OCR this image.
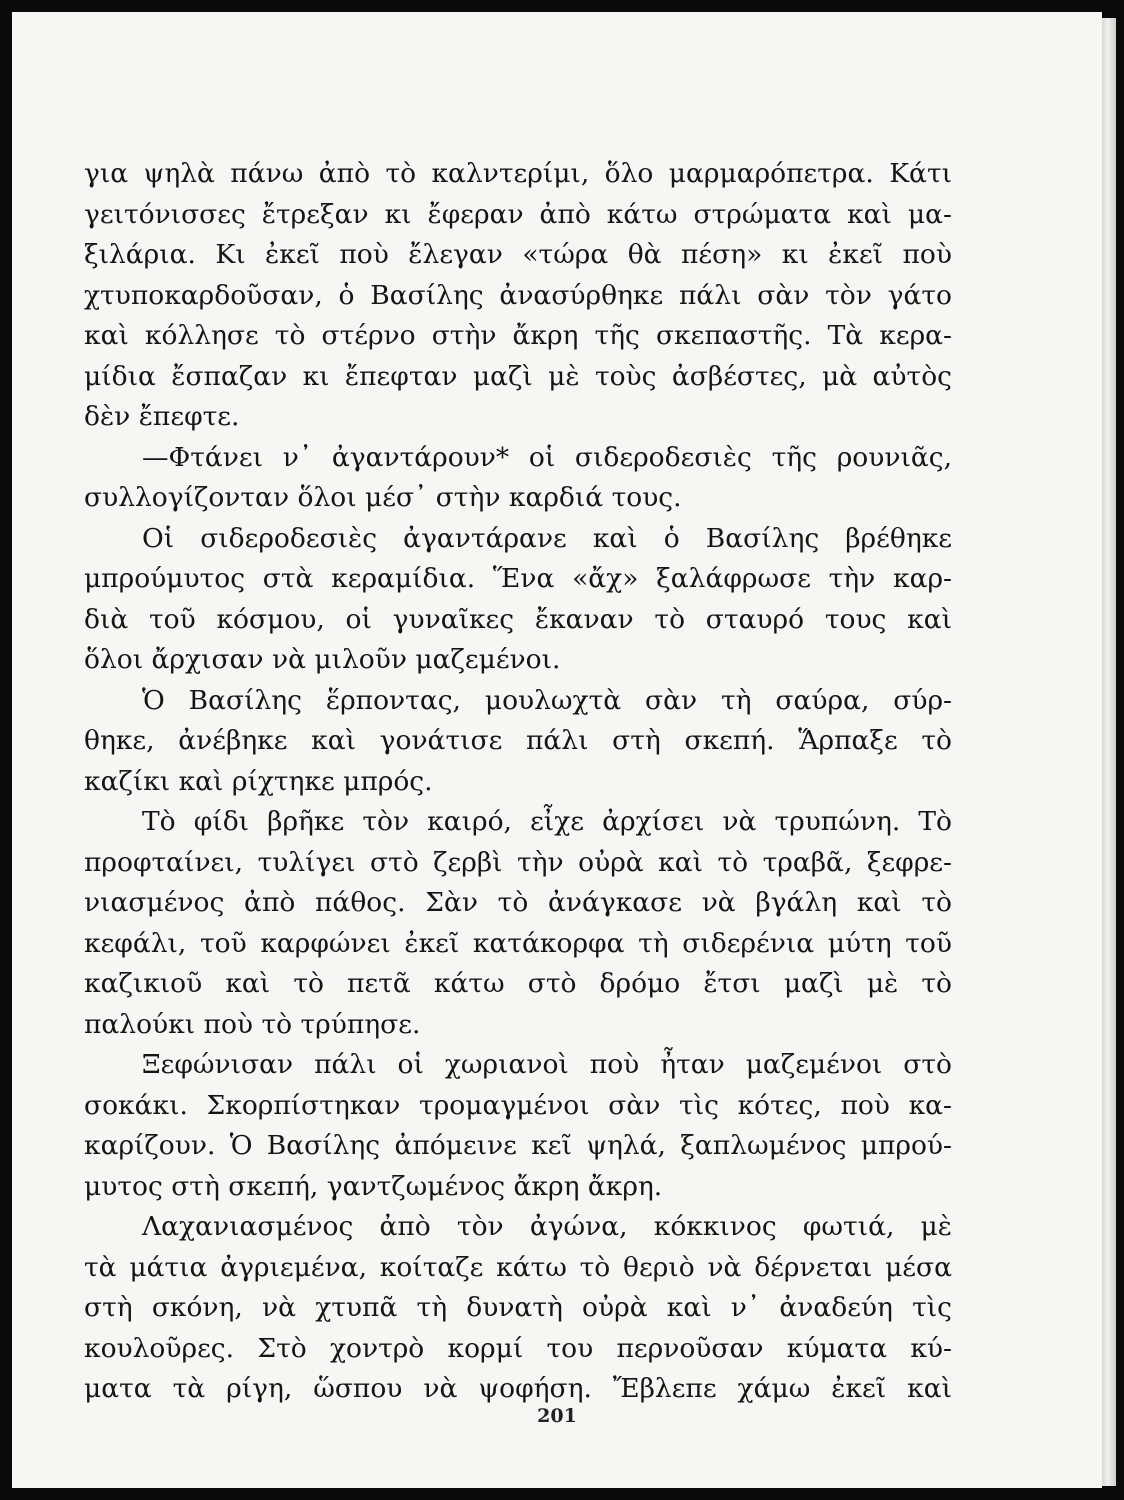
για ψηλὰ πάνω ἀπὸ τὸ καλντερίμι, ὅλο μαρμαρόπετρα. Κάτι
γειτόνισσες ἔτρεξαν κι ἔφεραν ἀπὸ κάτω στρώματα καὶ μα-
ξιλάρια. Κι ἐκεῖ ποὺ ἔλεγαν «τώρα θὰ πέση» κι ἐκεῖ ποὺ
χτυποκαρδοῦσαν, ὁ Βασίλης ἀνασύρθηκε πάλι σὰν τὸν γάτο
καὶ κόλλησε τὸ στέρνο στὴν ἄκρη τῆς σκεπαστῆς. Τὰ κερα-
μίδια ἔσπαζαν κι ἔπεφταν μαζὶ μὲ τοὺς ἀσβέστες, μὰ αὐτὸς
δὲν ἔπεφτε.
—Φτάνει ν᾽ ἀγαντάρουν* οἱ σιδεροδεσιὲς τῆς ρουνιᾶς,
συλλογίζονταν ὅλοι μέσ᾽ στὴν καρδιά τους.
Οἱ σιδεροδεσιὲς ἀγαντάρανε καὶ ὁ Βασίλης βρέθηκε
μπρούμυτος στὰ κεραμίδια. Ἕνα «ἄχ» ξαλάφρωσε τὴν καρ-
διὰ τοῦ κόσμου, οἱ γυναῖκες ἔκαναν τὸ σταυρό τους καὶ
ὅλοι ἄρχισαν νὰ μιλοῦν μαζεμένοι.
Ὁ Βασίλης ἕρποντας, μουλωχτὰ σὰν τὴ σαύρα, σύρ-
θηκε, ἀνέβηκε καὶ γονάτισε πάλι στὴ σκεπή. Ἅρπαξε τὸ
καζίκι καὶ ρίχτηκε μπρός.
Τὸ φίδι βρῆκε τὸν καιρό, εἶχε ἀρχίσει νὰ τρυπώνη. Τὸ
προφταίνει, τυλίγει στὸ ζερβὶ τὴν οὐρὰ καὶ τὸ τραβᾶ, ξεφρε-
νιασμένος ἀπὸ πάθος. Σὰν τὸ ἀνάγκασε νὰ βγάλη καὶ τὸ
κεφάλι, τοῦ καρφώνει ἐκεῖ κατάκορφα τὴ σιδερένια μύτη τοῦ
καζικιοῦ καὶ τὸ πετᾶ κάτω στὸ δρόμο ἔτσι μαζὶ μὲ τὸ
παλούκι ποὺ τὸ τρύπησε.
Ξεφώνισαν πάλι οἱ χωριανοὶ ποὺ ἦταν μαζεμένοι στὸ
σοκάκι. Σκορπίστηκαν τρομαγμένοι σὰν τὶς κότες, ποὺ κα-
καρίζουν. Ὁ Βασίλης ἀπόμεινε κεῖ ψηλά, ξαπλωμένος μπρού-
μυτος στὴ σκεπή, γαντζωμένος ἄκρη ἄκρη.
Λαχανιασμένος ἀπὸ τὸν ἀγώνα, κόκκινος φωτιά, μὲ
τὰ μάτια ἀγριεμένα, κοίταζε κάτω τὸ θεριὸ νὰ δέρνεται μέσα
στὴ σκόνη, νὰ χτυπᾶ τὴ δυνατὴ οὐρὰ καὶ ν᾽ ἀναδεύη τὶς
κουλοῦρες. Στὸ χοντρὸ κορμί του περνοῦσαν κύματα κύ-
ματα τὰ ρίγη, ὥσπου νὰ ψοφήση. Ἔβλεπε χάμω ἐκεῖ καὶ
201
